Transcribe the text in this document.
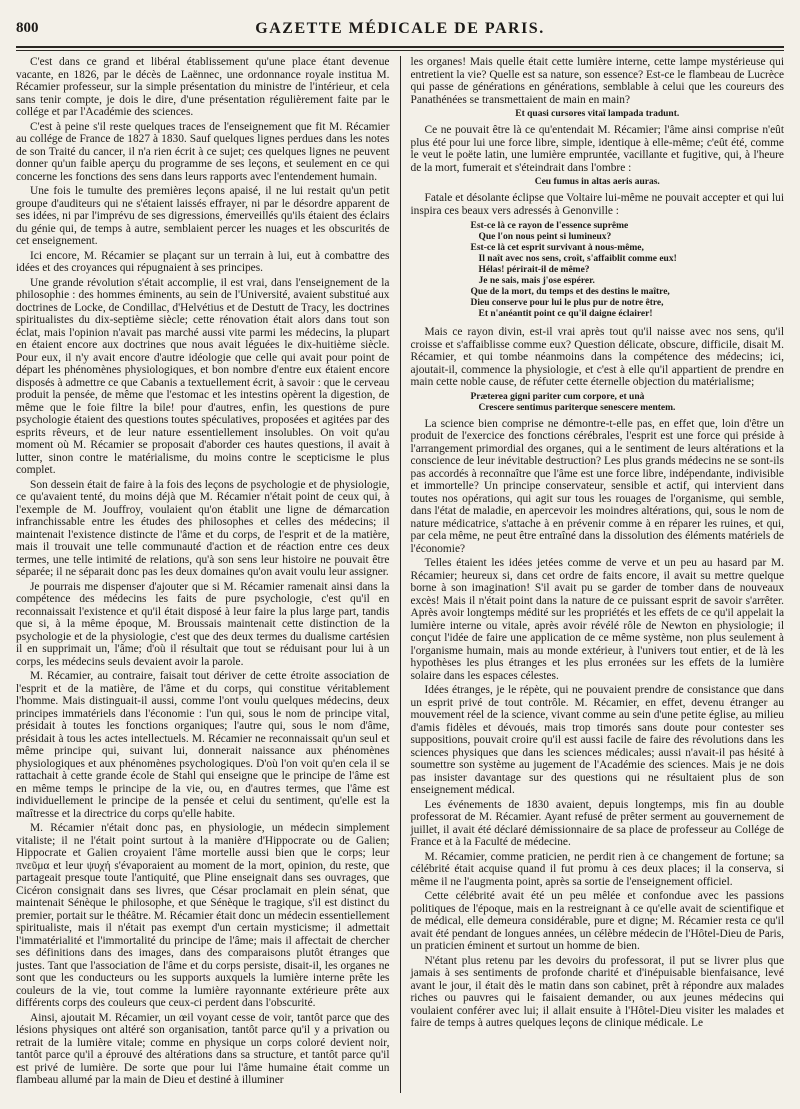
800	GAZETTE MÉDICALE DE PARIS.

C'est dans ce grand et libéral établissement qu'une place étant devenue vacante, en 1826, par le décès de Laënnec, une ordonnance royale institua M. Récamier professeur, sur la simple présentation du ministre de l'intérieur, et cela sans tenir compte, je dois le dire, d'une présentation régulièrement faite par le collége et par l'Académie des sciences.

C'est à peine s'il reste quelques traces de l'enseignement que fit M. Récamier au collége de France de 1827 à 1830. Sauf quelques lignes perdues dans les notes de son Traité du cancer, il n'a rien écrit à ce sujet; ces quelques lignes ne peuvent donner qu'un faible aperçu du programme de ses leçons, et seulement en ce qui concerne les fonctions des sens dans leurs rapports avec l'entendement humain.

Une fois le tumulte des premières leçons apaisé, il ne lui restait qu'un petit groupe d'auditeurs qui ne s'étaient laissés effrayer, ni par le désordre apparent de ses idées, ni par l'imprévu de ses digressions, émerveillés qu'ils étaient des éclairs du génie qui, de temps à autre, semblaient percer les nuages et les obscurités de cet enseignement.

Ici encore, M. Récamier se plaçant sur un terrain à lui, eut à combattre des idées et des croyances qui répugnaient à ses principes.

Une grande révolution s'était accomplie, il est vrai, dans l'enseignement de la philosophie : des hommes éminents, au sein de l'Université, avaient substitué aux doctrines de Locke, de Condillac, d'Helvétius et de Destutt de Tracy, les doctrines spiritualistes du dix-septième siècle; cette rénovation était alors dans tout son éclat, mais l'opinion n'avait pas marché aussi vite parmi les médecins, la plupart en étaient encore aux doctrines que nous avait léguées le dix-huitième siècle. Pour eux, il n'y avait encore d'autre idéologie que celle qui avait pour point de départ les phénomènes physiologiques, et bon nombre d'entre eux étaient encore disposés à admettre ce que Cabanis a textuellement écrit, à savoir : que le cerveau produit la pensée, de même que l'estomac et les intestins opèrent la digestion, de même que le foie filtre la bile! pour d'autres, enfin, les questions de pure psychologie étaient des questions toutes spéculatives, proposées et agitées par des esprits rêveurs, et de leur nature essentiellement insolubles. On voit qu'au moment où M. Récamier se proposait d'aborder ces hautes questions, il avait à lutter, sinon contre le matérialisme, du moins contre le scepticisme le plus complet.

Son dessein était de faire à la fois des leçons de psychologie et de physiologie, ce qu'avaient tenté, du moins déjà que M. Récamier n'était point de ceux qui, à l'exemple de M. Jouffroy, voulaient qu'on établit une ligne de démarcation infranchissable entre les études des philosophes et celles des médecins; il maintenait l'existence distincte de l'âme et du corps, de l'esprit et de la matière, mais il trouvait une telle communauté d'action et de réaction entre ces deux termes, une telle intimité de relations, qu'à son sens leur histoire ne pouvait être séparée; il ne séparait donc pas les deux domaines qu'on avait voulu leur assigner.

Je pourrais me dispenser d'ajouter que si M. Récamier ramenait ainsi dans la compétence des médecins les faits de pure psychologie, c'est qu'il en reconnaissait l'existence et qu'il était disposé à leur faire la plus large part, tandis que si, à la même époque, M. Broussais maintenait cette distinction de la psychologie et de la physiologie, c'est que des deux termes du dualisme cartésien il en supprimait un, l'âme; d'où il résultait que tout se réduisant pour lui à un corps, les médecins seuls devaient avoir la parole.

M. Récamier, au contraire, faisait tout dériver de cette étroite association de l'esprit et de la matière, de l'âme et du corps, qui constitue véritablement l'homme. Mais distinguait-il aussi, comme l'ont voulu quelques médecins, deux principes immatériels dans l'économie : l'un qui, sous le nom de principe vital, présidait à toutes les fonctions organiques; l'autre qui, sous le nom d'âme, présidait à tous les actes intellectuels. M. Récamier ne reconnaissait qu'un seul et même principe qui, suivant lui, donnerait naissance aux phénomènes physiologiques et aux phénomènes psychologiques. D'où l'on voit qu'en cela il se rattachait à cette grande école de Stahl qui enseigne que le principe de l'âme est en même temps le principe de la vie, ou, en d'autres termes, que l'âme est individuellement le principe de la pensée et celui du sentiment, qu'elle est la maîtresse et la directrice du corps qu'elle habite.

M. Récamier n'était donc pas, en physiologie, un médecin simplement vitaliste; il ne l'était point surtout à la manière d'Hippocrate ou de Galien; Hippocrate et Galien croyaient l'âme mortelle aussi bien que le corps; leur πνεῦμα et leur ψυχή s'évaporaient au moment de la mort, opinion, du reste, que partageait presque toute l'antiquité, que Pline enseignait dans ses ouvrages, que Cicéron consignait dans ses livres, que César proclamait en plein sénat, que maintenait Sénèque le philosophe, et que Sénèque le tragique, s'il est distinct du premier, portait sur le théâtre. M. Récamier était donc un médecin essentiellement spiritualiste, mais il n'était pas exempt d'un certain mysticisme; il admettait l'immatérialité et l'immortalité du principe de l'âme; mais il affectait de chercher ses définitions dans des images, dans des comparaisons plutôt étranges que justes. Tant que l'association de l'âme et du corps persiste, disait-il, les organes ne sont que les conducteurs ou les supports auxquels la lumière interne prête les couleurs de la vie, tout comme la lumière rayonnante extérieure prête aux différents corps des couleurs que ceux-ci perdent dans l'obscurité.

Ainsi, ajoutait M. Récamier, un œil voyant cesse de voir, tantôt parce que des lésions physiques ont altéré son organisation, tantôt parce qu'il y a privation ou retrait de la lumière vitale; comme en physique un corps coloré devient noir, tantôt parce qu'il a éprouvé des altérations dans sa structure, et tantôt parce qu'il est privé de lumière. De sorte que pour lui l'âme humaine était comme un flambeau allumé par la main de Dieu et destiné à illuminer

les organes! Mais quelle était cette lumière interne, cette lampe mystérieuse qui entretient la vie? Quelle est sa nature, son essence? Est-ce le flambeau de Lucrèce qui passe de générations en générations, semblable à celui que les coureurs des Panathénées se transmettaient de main en main?

Et quasi cursores vitaï lampada tradunt.

Ce ne pouvait être là ce qu'entendait M. Récamier; l'âme ainsi comprise n'eût plus été pour lui une force libre, simple, identique à elle-même; c'eût été, comme le veut le poëte latin, une lumière empruntée, vacillante et fugitive, qui, à l'heure de la mort, fumerait et s'éteindrait dans l'ombre :

Ceu fumus in altas aeris auras.

Fatale et désolante éclipse que Voltaire lui-même ne pouvait accepter et qui lui inspira ces beaux vers adressés à Genonville :

Est-ce là ce rayon de l'essence suprême
Que l'on nous peint si lumineux?
Est-ce là cet esprit survivant à nous-même,
Il naît avec nos sens, croît, s'affaiblit comme eux!
Hélas! périrait-il de même?
Je ne sais, mais j'ose espérer.
Que de la mort, du temps et des destins le maître,
Dieu conserve pour lui le plus pur de notre être,
Et n'anéantit point ce qu'il daigne éclairer!

Mais ce rayon divin, est-il vrai après tout qu'il naisse avec nos sens, qu'il croisse et s'affaiblisse comme eux? Question délicate, obscure, difficile, disait M. Récamier, et qui tombe néanmoins dans la compétence des médecins; ici, ajoutait-il, commence la physiologie, et c'est à elle qu'il appartient de prendre en main cette noble cause, de réfuter cette éternelle objection du matérialisme;

Præterea gigni pariter cum corpore, et unà
Crescere sentimus pariterque senescere mentem.

La science bien comprise ne démontre-t-elle pas, en effet que, loin d'être un produit de l'exercice des fonctions cérébrales, l'esprit est une force qui préside à l'arrangement primordial des organes, qui a le sentiment de leurs altérations et la conscience de leur inévitable destruction? Les plus grands médecins ne se sont-ils pas accordés à reconnaître que l'âme est une force libre, indépendante, indivisible et immortelle? Un principe conservateur, sensible et actif, qui intervient dans toutes nos opérations, qui agit sur tous les rouages de l'organisme, qui semble, dans l'état de maladie, en apercevoir les moindres altérations, qui, sous le nom de nature médicatrice, s'attache à en prévenir comme à en réparer les ruines, et qui, par cela même, ne peut être entraîné dans la dissolution des éléments matériels de l'économie?

Telles étaient les idées jetées comme de verve et un peu au hasard par M. Récamier; heureux si, dans cet ordre de faits encore, il avait su mettre quelque borne à son imagination! S'il avait pu se garder de tomber dans de nouveaux excès! Mais il n'était point dans la nature de ce puissant esprit de savoir s'arrêter. Après avoir longtemps médité sur les propriétés et les effets de ce qu'il appelait la lumière interne ou vitale, après avoir révélé rôle de Newton en physiologie; il conçut l'idée de faire une application de ce même système, non plus seulement à l'organisme humain, mais au monde extérieur, à l'univers tout entier, et de là les hypothèses les plus étranges et les plus erronées sur les effets de la lumière solaire dans les espaces célestes.

Idées étranges, je le répète, qui ne pouvaient prendre de consistance que dans un esprit privé de tout contrôle. M. Récamier, en effet, devenu étranger au mouvement réel de la science, vivant comme au sein d'une petite église, au milieu d'amis fidèles et dévoués, mais trop timorés sans doute pour contester ses suppositions, pouvait croire qu'il est aussi facile de faire des révolutions dans les sciences physiques que dans les sciences médicales; aussi n'avait-il pas hésité à soumettre son système au jugement de l'Académie des sciences. Mais je ne dois pas insister davantage sur des questions qui ne résultaient plus de son enseignement médical.

Les événements de 1830 avaient, depuis longtemps, mis fin au double professorat de M. Récamier. Ayant refusé de prêter serment au gouvernement de juillet, il avait été déclaré démissionnaire de sa place de professeur au Collége de France et à la Faculté de médecine.

M. Récamier, comme praticien, ne perdit rien à ce changement de fortune; sa célébrité était acquise quand il fut promu à ces deux places; il la conserva, si même il ne l'augmenta point, après sa sortie de l'enseignement officiel.

Cette célébrité avait été un peu mêlée et confondue avec les passions politiques de l'époque, mais en la restreignant à ce qu'elle avait de scientifique et de médical, elle demeura considérable, pure et digne; M. Récamier resta ce qu'il avait été pendant de longues années, un célèbre médecin de l'Hôtel-Dieu de Paris, un praticien éminent et surtout un homme de bien.

N'étant plus retenu par les devoirs du professorat, il put se livrer plus que jamais à ses sentiments de profonde charité et d'inépuisable bienfaisance, levé avant le jour, il était dès le matin dans son cabinet, prêt à répondre aux malades riches ou pauvres qui le faisaient demander, ou aux jeunes médecins qui voulaient conférer avec lui; il allait ensuite à l'Hôtel-Dieu visiter les malades et faire de temps à autres quelques leçons de clinique médicale. Le
